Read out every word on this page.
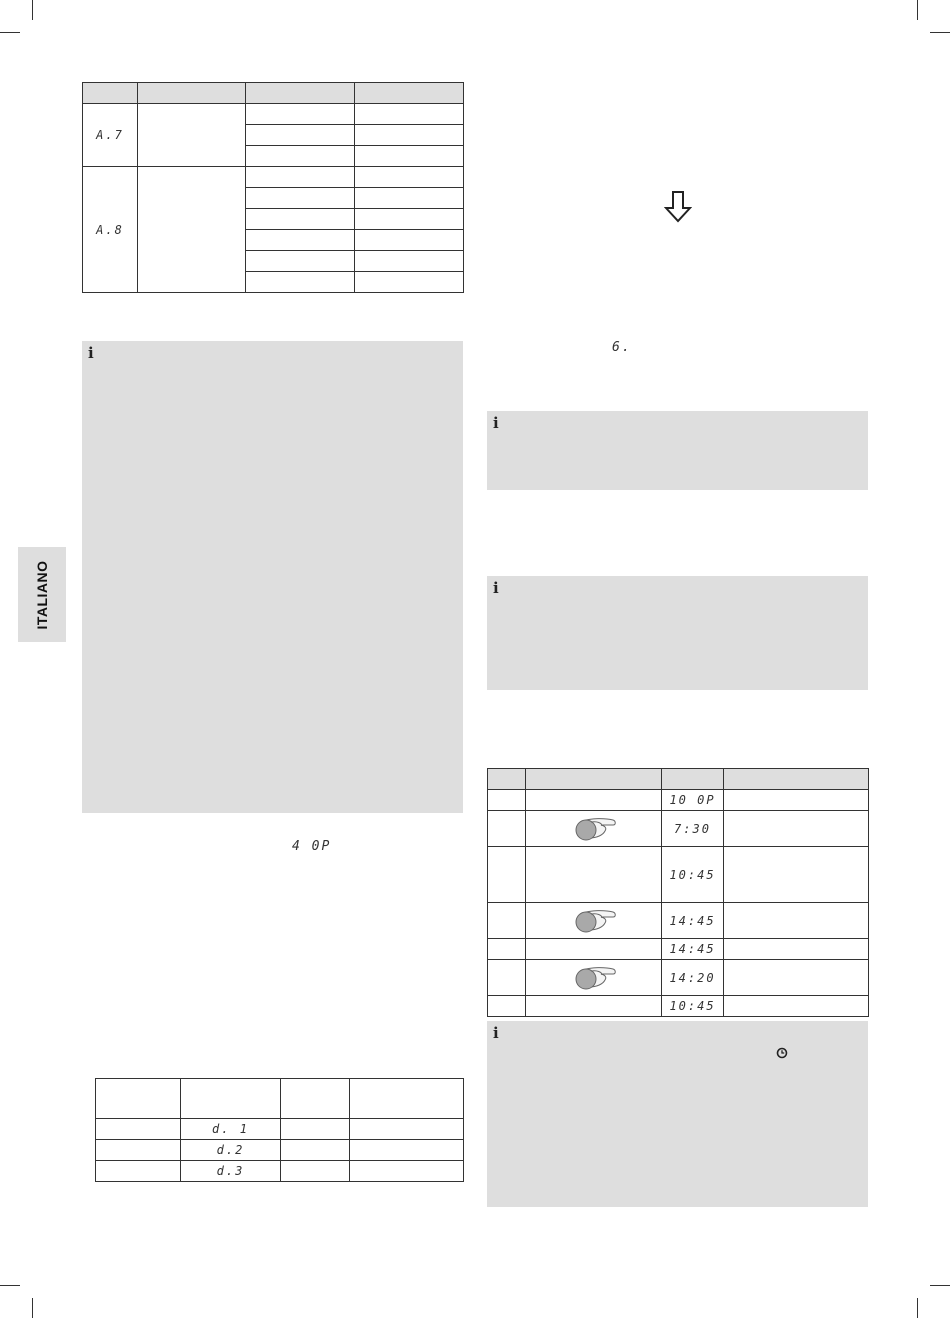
ITALIANO

A.7			

A.8			

i
4 0P

	d. 1		
	d.2		
	d.3		
6.
i
i

		10 0P	
		7:30	
		10:45	
		14:45	
		14:45	
		14:20	
		10:45	
i
